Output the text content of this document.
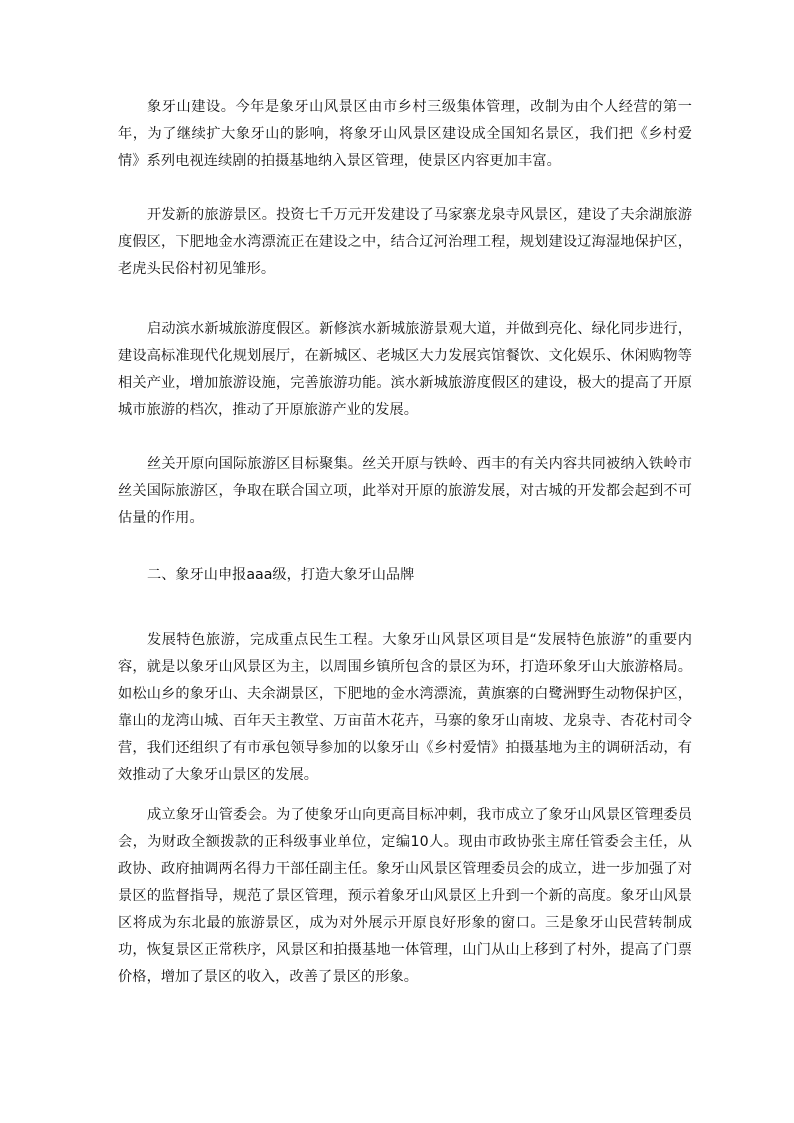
象牙山建设。今年是象牙山风景区由市乡村三级集体管理，改制为由个人经营的第一年，为了继续扩大象牙山的影响，将象牙山风景区建设成全国知名景区，我们把《乡村爱情》系列电视连续剧的拍摄基地纳入景区管理，使景区内容更加丰富。

开发新的旅游景区。投资七千万元开发建设了马家寨龙泉寺风景区，建设了夫余湖旅游度假区，下肥地金水湾漂流正在建设之中，结合辽河治理工程，规划建设辽海湿地保护区，老虎头民俗村初见雏形。

启动滨水新城旅游度假区。新修滨水新城旅游景观大道，并做到亮化、绿化同步进行，建设高标准现代化规划展厅，在新城区、老城区大力发展宾馆餐饮、文化娱乐、休闲购物等相关产业，增加旅游设施，完善旅游功能。滨水新城旅游度假区的建设，极大的提高了开原城市旅游的档次，推动了开原旅游产业的发展。

丝关开原向国际旅游区目标聚集。丝关开原与铁岭、西丰的有关内容共同被纳入铁岭市丝关国际旅游区，争取在联合国立项，此举对开原的旅游发展，对古城的开发都会起到不可估量的作用。

二、象牙山申报aaa级，打造大象牙山品牌

发展特色旅游，完成重点民生工程。大象牙山风景区项目是“发展特色旅游”的重要内容，就是以象牙山风景区为主，以周围乡镇所包含的景区为环，打造环象牙山大旅游格局。如松山乡的象牙山、夫余湖景区，下肥地的金水湾漂流，黄旗寨的白鹭洲野生动物保护区，靠山的龙湾山城、百年天主教堂、万亩苗木花卉，马寨的象牙山南坡、龙泉寺、杏花村司令营，我们还组织了有市承包领导参加的以象牙山《乡村爱情》拍摄基地为主的调研活动，有效推动了大象牙山景区的发展。

成立象牙山管委会。为了使象牙山向更高目标冲刺，我市成立了象牙山风景区管理委员会，为财政全额拨款的正科级事业单位，定编10人。现由市政协张主席任管委会主任，从政协、政府抽调两名得力干部任副主任。象牙山风景区管理委员会的成立，进一步加强了对景区的监督指导，规范了景区管理，预示着象牙山风景区上升到一个新的高度。象牙山风景区将成为东北最的旅游景区，成为对外展示开原良好形象的窗口。三是象牙山民营转制成功，恢复景区正常秩序，风景区和拍摄基地一体管理，山门从山上移到了村外，提高了门票价格，增加了景区的收入，改善了景区的形象。
